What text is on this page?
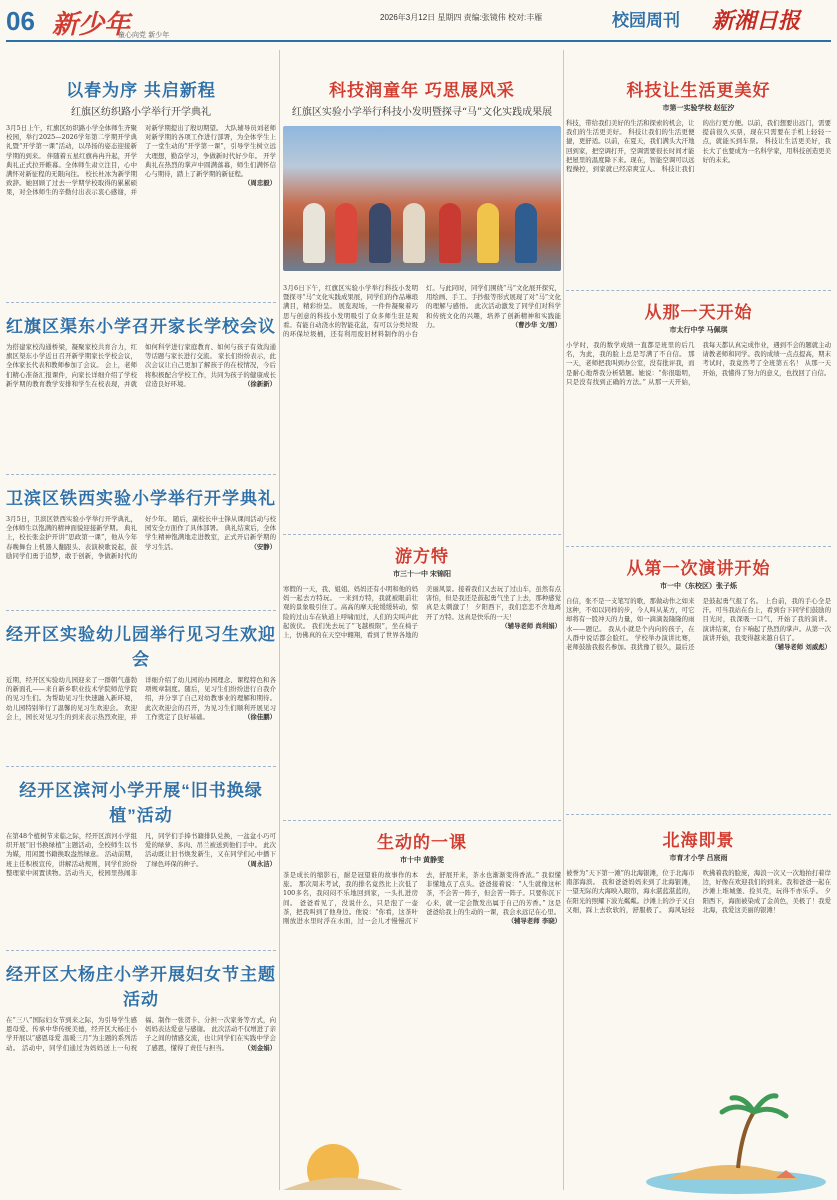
06 新少年
童心向党 新少年
2026年3月12日 星期四 责编:张镜伟 校对:丰雁	校园周刊 新湘日报
以春为序 共启新程
红旗区纺织路小学举行开学典礼
3月5日上午，红旗区纺织路小学全体师生齐聚校园，举行2025—2026学年第二学期开学典礼暨“开学第一课”活动，以昂扬的姿态迎接新学期的到来。 伴随着五星红旗冉冉升起，开学典礼正式拉开帷幕。全体师生肃立注目，心中满怀对新征程的无限向往。 校长杜冰为新学期致辞。她回顾了过去一学期学校取得的累累硕果，对全体师生的辛勤付出表示衷心感谢，并对新学期提出了殷切期望。 大队辅导员刘老师对新学期的各项工作进行部署，为全体学生上了一堂生动的“开学第一课”，引导学生树立远大理想，勤奋学习，争做新时代好少年。 开学典礼在热烈的掌声中圆满落幕，师生们满怀信心与期待，踏上了新学期的新征程。
（周忠毅）
红旗区渠东小学召开家长学校会议
为搭建家校沟通桥梁，凝聚家校共育合力，红旗区渠东小学近日召开新学期家长学校会议，全体家长代表和教师参加了会议。 会上，老师们精心准备汇报课件，向家长详细介绍了学校新学期的教育教学安排和学生在校表现，并就如何科学进行家庭教育、如何与孩子有效沟通等话题与家长进行交流。 家长们纷纷表示，此次会议让自己更加了解孩子的在校情况，今后将积极配合学校工作，共同为孩子的健康成长营造良好环境。	（徐新新）
卫滨区铁西实验小学举行开学典礼
3月5日，卫滨区铁西实验小学举行开学典礼，全体师生以饱满的精神面貌迎接新学期。 典礼上，校长张金护开讲“思政第一课”，他从今年春晚舞台上机器人翻跟头、表演秧歌说起，鼓励同学们勇于追梦，敢于创新，争做新时代的好少年。 随后，副校长申士锋从课间活动与校园安全方面作了具体部署。 典礼结束后，全体学生精神饱满地走进教室，正式开启新学期的学习生活。	（安静）
经开区实验幼儿园举行见习生欢迎会
近期，经开区实验幼儿园迎来了一群朝气蓬勃的新面孔——来自新乡职业技术学院师范学院的见习生们。为帮助见习生快速融入新环境，幼儿园特别举行了温馨的见习生欢迎会。 欢迎会上，园长对见习生的到来表示热烈欢迎，并详细介绍了幼儿园的办园理念、课程特色和各项规章制度。随后，见习生们纷纷进行自我介绍，并分享了自己对幼教事业的理解和期待。 此次欢迎会的召开，为见习生们顺利开展见习工作奠定了良好基础。	（徐佳鹏）
经开区滨河小学开展“旧书换绿植”活动
在第48个植树节来临之际，经开区滨河小学组织开展“旧书换绿植”主题活动，全校师生以书为媒，用闲置书籍换取盎然绿意。 活动前期，班主任积极宣传，讲解活动规则，同学们纷纷整理家中闲置读物。活动当天，校园里热闹非凡，同学们手捧书籍排队兑换，一盆盆小巧可爱的绿萝、多肉、吊兰被送到他们手中。 此次活动既让旧书焕发新生，又在同学们心中播下了绿色环保的种子。	（周永洁）
经开区大杨庄小学开展妇女节主题活动
在“三八”国际妇女节到来之际，为引导学生感恩母爱、传承中华传统美德，经开区大杨庄小学开展以“感恩母爱 温暖三月”为主题的系列活动。 活动中，同学们通过为妈妈送上一句祝福、制作一张贺卡、分担一次家务等方式，向妈妈表达爱意与感谢。 此次活动不仅增进了亲子之间的情感交流，也让同学们在实践中学会了感恩，懂得了责任与担当。 （刘金娟）
科技润童年 巧思展风采
红旗区实验小学举行科技小发明暨探寻“马”文化实践成果展
3月6日下午，红旗区实验小学举行科技小发明暨探寻“马”文化实践成果展，同学们的作品琳琅满目，精彩纷呈。 展览现场，一件件凝聚着巧思与创意的科技小发明吸引了众多师生驻足观看。有能自动浇水的智能花盆，有可以分类垃圾的环保垃圾桶，还有利用废旧材料制作的小台灯。与此同时，同学们围绕“马”文化展开探究，用绘画、手工、手抄报等形式展现了对“马”文化的理解与感悟。 此次活动激发了同学们对科学和传统文化的兴趣，培养了创新精神和实践能力。	（曹沙华 文/图）
游方特
市三十一中 宋锦阳
寒假的一天，我、姐姐、妈妈还有小明和他的妈妈一起去方特玩。 一来到方特，我就被眼前壮观的景象吸引住了。高高的摩天轮缓缓转动，惊险的过山车在轨道上呼啸而过，人们的尖叫声此起彼伏。 我们先去玩了“飞越极限”，坐在椅子上，仿佛真的在天空中翱翔，看到了世界各地的美丽风景。接着我们又去玩了过山车，虽然有点害怕，但是我还是鼓起勇气坐了上去，那种感觉真是太刺激了！ 夕阳西下，我们恋恋不舍地离开了方特。这真是快乐的一天！
（辅导老师 尚利娟）
生动的一课
市十中 黄静雯
茶是成长的缩影石，耐是冠望谁的故事作的本旅。 那次周末考试，我的排名竟然比上次低了100多名，我闷闷不乐地回到家，一头扎进房间。 爸爸看见了，没说什么，只是泡了一壶茶，把我叫到了他身边。他说：“你看，这茶叶刚放进水里时浮在水面，过一会儿才慢慢沉下去，舒展开来，茶水也渐渐变得香浓。” 我似懂非懂地点了点头。爸爸接着说：“人生就像这杯茶，不会苦一阵子，但会苦一阵子。只要你沉下心来，就一定会散发出属于自己的芳香。” 这是爸爸给我上的生动的一课，我会永远记在心里。
（辅导老师 李晓）
科技让生活更美好
市第一实验学校 赵征汐
科技，带给我们美好的生活和探索的机会，让我们的生活更美好。 科技让我们的生活更便捷，更舒适。以前，在夏天，我们满头大汗地回到家，把空调打开，空调需要很长时间才能把屋里的温度降下来。现在，智能空调可以远程操控，到家就已经凉爽宜人。 科技让我们的出行更方便。以前，我们想要出远门，需要提前很久买票，现在只需要在手机上轻轻一点，就能买到车票。 科技让生活更美好，我长大了也要成为一名科学家，用科技创造更美好的未来。
从那一天开始
市太行中学 马佩琪
小学时，我的数学成绩一直都是班里的后几名，为此，我的脸上总是写满了不自信。 那一天，老师把我叫到办公室，没有批评我，而是耐心地帮我分析错题。她说：“你很聪明，只是没有找到正确的方法。” 从那一天开始，我每天都认真完成作业，遇到不会的题就主动请教老师和同学。我的成绩一点点提高，期末考试时，我竟然考了全班第五名！ 从那一天开始，我懂得了努力的意义，也找回了自信。
从第一次演讲开始
市一中（东校区）张子烁
自信，张不是一支笔写的歌，那做动作之如来这种，不如以同样的步，今人叫从某方，可它却将有一股冲天的力量，如一滴滴轰隆隆的雨水——题记。 我从小就是个内向的孩子，在人群中说话都会脸红。 学校举办演讲比赛，老师鼓励我报名参加。我犹豫了很久，最后还是鼓起勇气报了名。 上台前，我的手心全是汗。可当我站在台上，看到台下同学们鼓励的目光时，我深吸一口气，开始了我的演讲。 演讲结束，台下响起了热烈的掌声。从第一次演讲开始，我变得越来越自信了。
（辅导老师 刘威彪）
北海即景
市育才小学 吕宸雨
被誉为“天下第一滩”的北海银滩，位于北海市南部海滨。 我和爸爸妈妈来到了北海银滩，一望无际的大海映入眼帘，海水湛蓝湛蓝的，在阳光的照耀下波光粼粼。沙滩上的沙子又白又细，踩上去软软的，舒服极了。 海风轻轻吹拂着我的脸庞，海浪一次又一次地拍打着岸边，好像在欢迎我们的到来。我和爸爸一起在沙滩上堆城堡、捡贝壳，玩得不亦乐乎。 夕阳西下，海面被染成了金黄色，美极了！我爱北海，我爱这美丽的银滩！
